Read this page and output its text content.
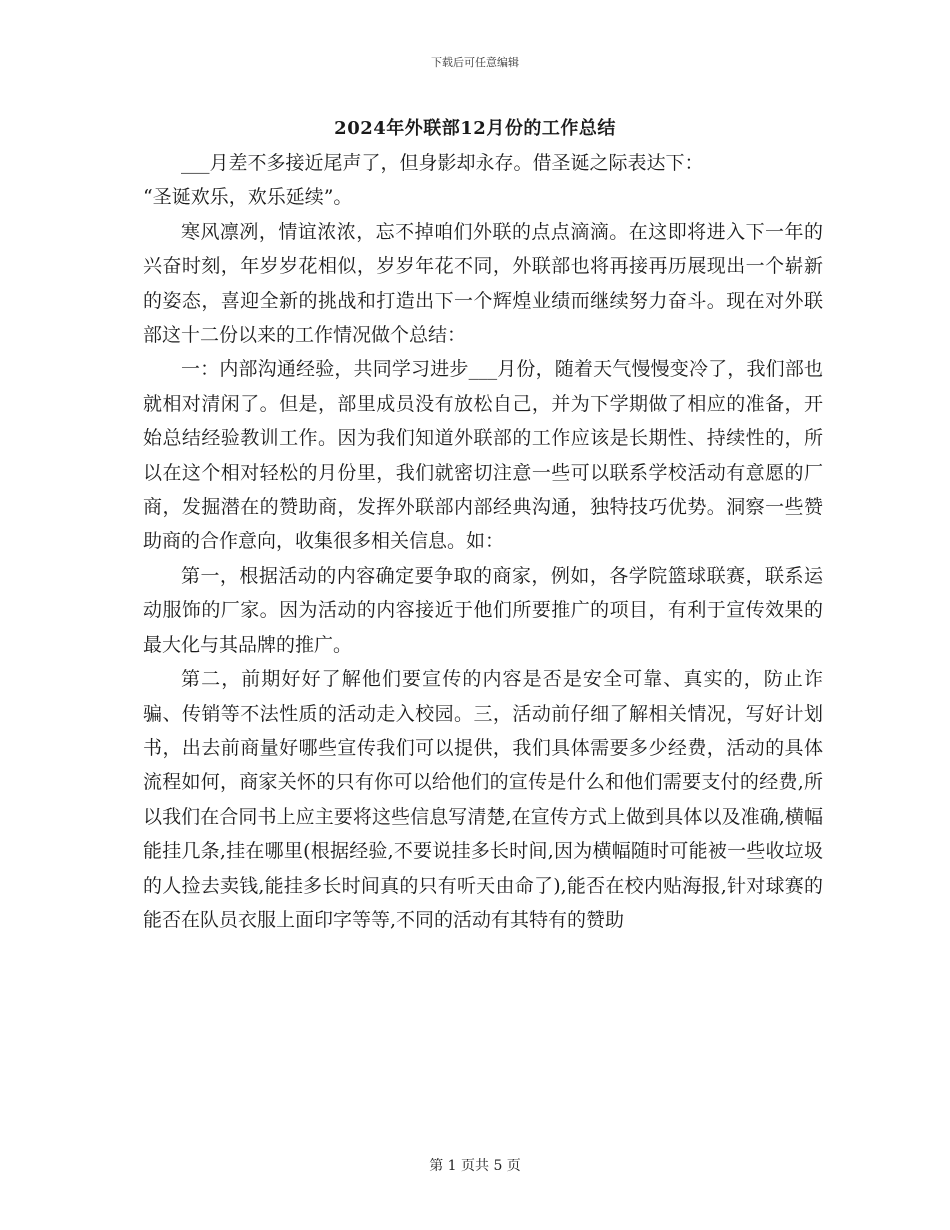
下载后可任意编辑
2024年外联部12月份的工作总结

___月差不多接近尾声了，但身影却永存。借圣诞之际表达下：

“圣诞欢乐，欢乐延续”。

寒风凛冽，情谊浓浓，忘不掉咱们外联的点点滴滴。在这即将进入下一年的兴奋时刻，年岁岁花相似，岁岁年花不同，外联部也将再接再历展现出一个崭新的姿态，喜迎全新的挑战和打造出下一个辉煌业绩而继续努力奋斗。现在对外联部这十二份以来的工作情况做个总结：

一：内部沟通经验，共同学习进步___月份，随着天气慢慢变冷了，我们部也就相对清闲了。但是，部里成员没有放松自己，并为下学期做了相应的准备，开始总结经验教训工作。因为我们知道外联部的工作应该是长期性、持续性的，所以在这个相对轻松的月份里，我们就密切注意一些可以联系学校活动有意愿的厂商，发掘潜在的赞助商，发挥外联部内部经典沟通，独特技巧优势。洞察一些赞助商的合作意向，收集很多相关信息。如：

第一，根据活动的内容确定要争取的商家，例如，各学院篮球联赛，联系运动服饰的厂家。因为活动的内容接近于他们所要推广的项目，有利于宣传效果的最大化与其品牌的推广。

第二，前期好好了解他们要宣传的内容是否是安全可靠、真实的，防止诈骗、传销等不法性质的活动走入校园。三，活动前仔细了解相关情况，写好计划书，出去前商量好哪些宣传我们可以提供，我们具体需要多少经费，活动的具体流程如何，商家关怀的只有你可以给他们的宣传是什么和他们需要支付的经费,所以我们在合同书上应主要将这些信息写清楚,在宣传方式上做到具体以及准确,横幅能挂几条,挂在哪里(根据经验,不要说挂多长时间,因为横幅随时可能被一些收垃圾的人捡去卖钱,能挂多长时间真的只有听天由命了),能否在校内贴海报,针对球赛的能否在队员衣服上面印字等等,不同的活动有其特有的赞助

第 1 页共 5 页
